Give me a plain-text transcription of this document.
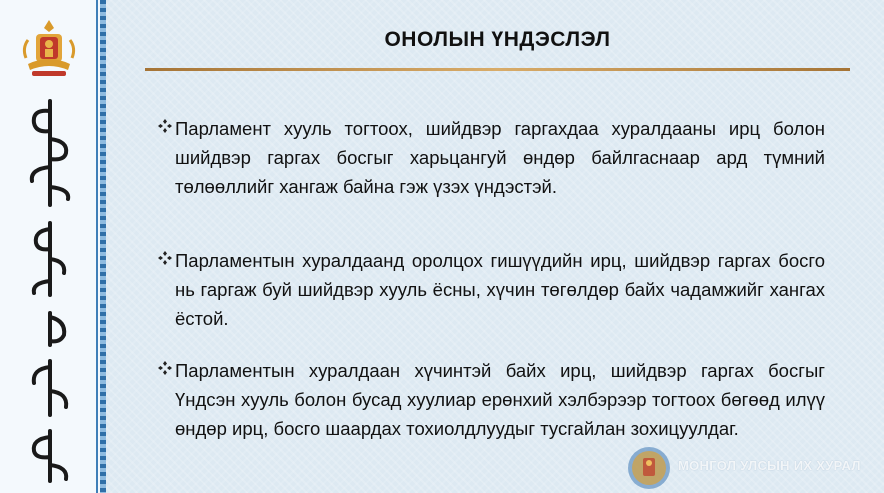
ОНОЛЫН ҮНДЭСЛЭЛ
Парламент хууль тогтоох, шийдвэр гаргахдаа хуралдааны ирц болон шийдвэр гаргах босгыг харьцангуй өндөр байлгаснаар ард түмний төлөөллийг хангаж байна гэж үзэх үндэстэй.
Парламентын хуралдаанд оролцох гишүүдийн ирц, шийдвэр гаргах босго нь гаргаж буй шийдвэр хууль ёсны, хүчин төгөлдөр байх чадамжийг хангах ёстой.
Парламентын хуралдаан хүчинтэй байх ирц, шийдвэр гаргах босгыг Үндсэн хууль болон бусад хуулиар ерөнхий хэлбэрээр тогтоох бөгөөд илүү өндөр ирц, босго шаардах тохиолдлуудыг тусгайлан зохицуулдаг.
МОНГОЛ УЛСЫН ИХ ХУРАЛ
